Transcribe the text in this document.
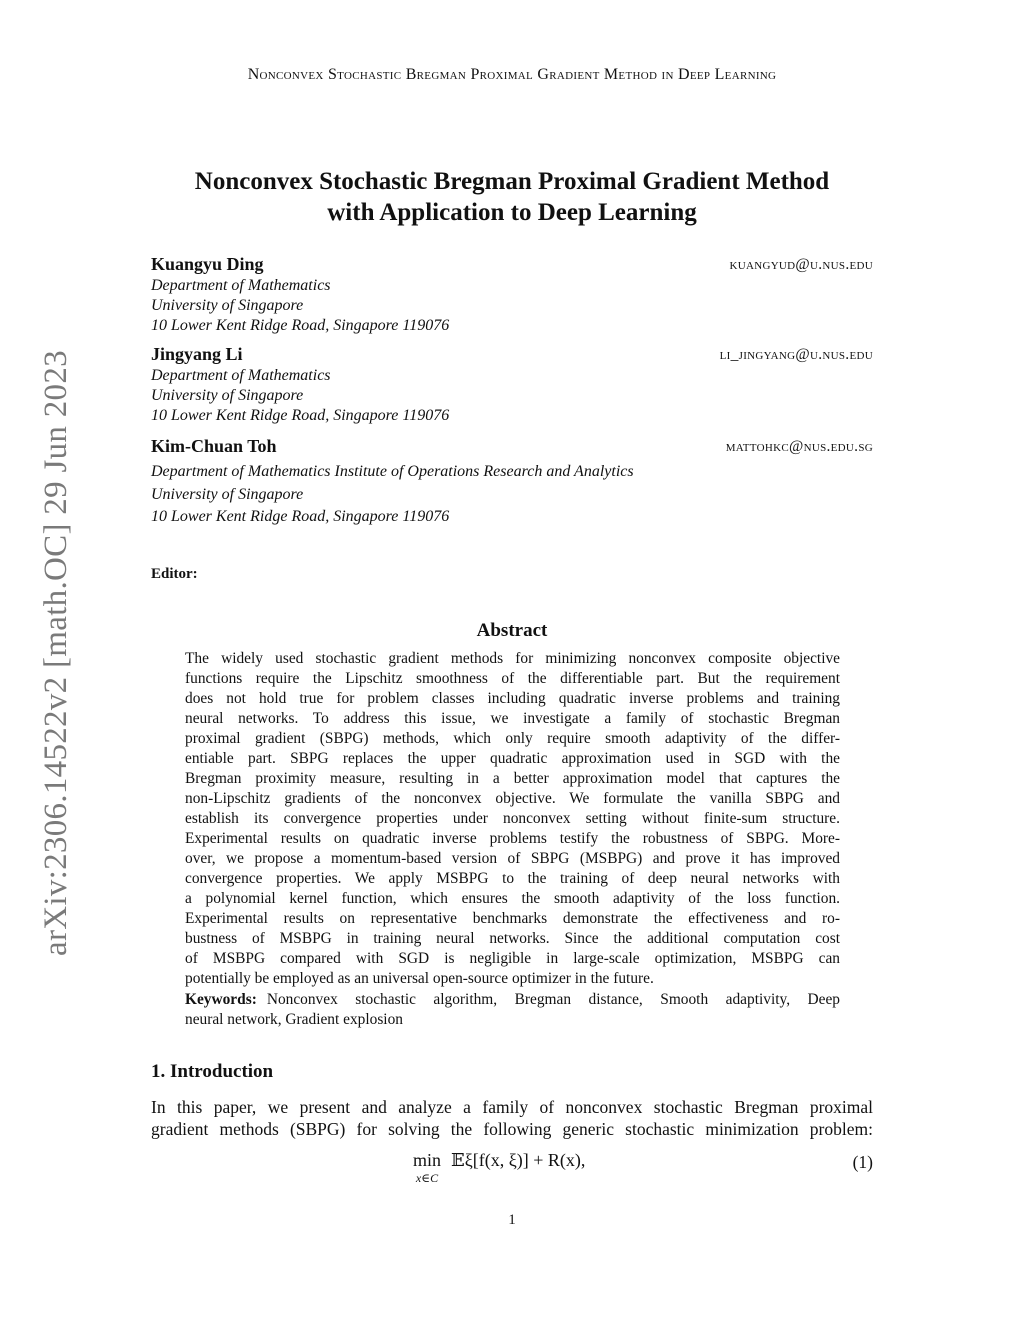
Nonconvex Stochastic Bregman Proximal Gradient Method in Deep Learning
Nonconvex Stochastic Bregman Proximal Gradient Method
with Application to Deep Learning
Kuangyu Ding	kuangyud@u.nus.edu
Department of Mathematics
University of Singapore
10 Lower Kent Ridge Road, Singapore 119076
Jingyang Li	li_jingyang@u.nus.edu
Department of Mathematics
University of Singapore
10 Lower Kent Ridge Road, Singapore 119076
Kim-Chuan Toh	mattohkc@nus.edu.sg
Department of Mathematics Institute of Operations Research and Analytics
University of Singapore
10 Lower Kent Ridge Road, Singapore 119076
Editor:
Abstract
The widely used stochastic gradient methods for minimizing nonconvex composite objective
functions require the Lipschitz smoothness of the differentiable part. But the requirement
does not hold true for problem classes including quadratic inverse problems and training
neural networks. To address this issue, we investigate a family of stochastic Bregman
proximal gradient (SBPG) methods, which only require smooth adaptivity of the differ-
entiable part. SBPG replaces the upper quadratic approximation used in SGD with the
Bregman proximity measure, resulting in a better approximation model that captures the
non-Lipschitz gradients of the nonconvex objective. We formulate the vanilla SBPG and
establish its convergence properties under nonconvex setting without finite-sum structure.
Experimental results on quadratic inverse problems testify the robustness of SBPG. More-
over, we propose a momentum-based version of SBPG (MSBPG) and prove it has improved
convergence properties. We apply MSBPG to the training of deep neural networks with
a polynomial kernel function, which ensures the smooth adaptivity of the loss function.
Experimental results on representative benchmarks demonstrate the effectiveness and ro-
bustness of MSBPG in training neural networks. Since the additional computation cost
of MSBPG compared with SGD is negligible in large-scale optimization, MSBPG can
potentially be employed as an universal open-source optimizer in the future.
Keywords: Nonconvex stochastic algorithm, Bregman distance, Smooth adaptivity, Deep
neural network, Gradient explosion
1. Introduction
In this paper, we present and analyze a family of nonconvex stochastic Bregman proximal
gradient methods (SBPG) for solving the following generic stochastic minimization problem:
min
x∈C
𝔼ξ[f(x, ξ)] + R(x),	(1)
1
arXiv:2306.14522v2 [math.OC] 29 Jun 2023
